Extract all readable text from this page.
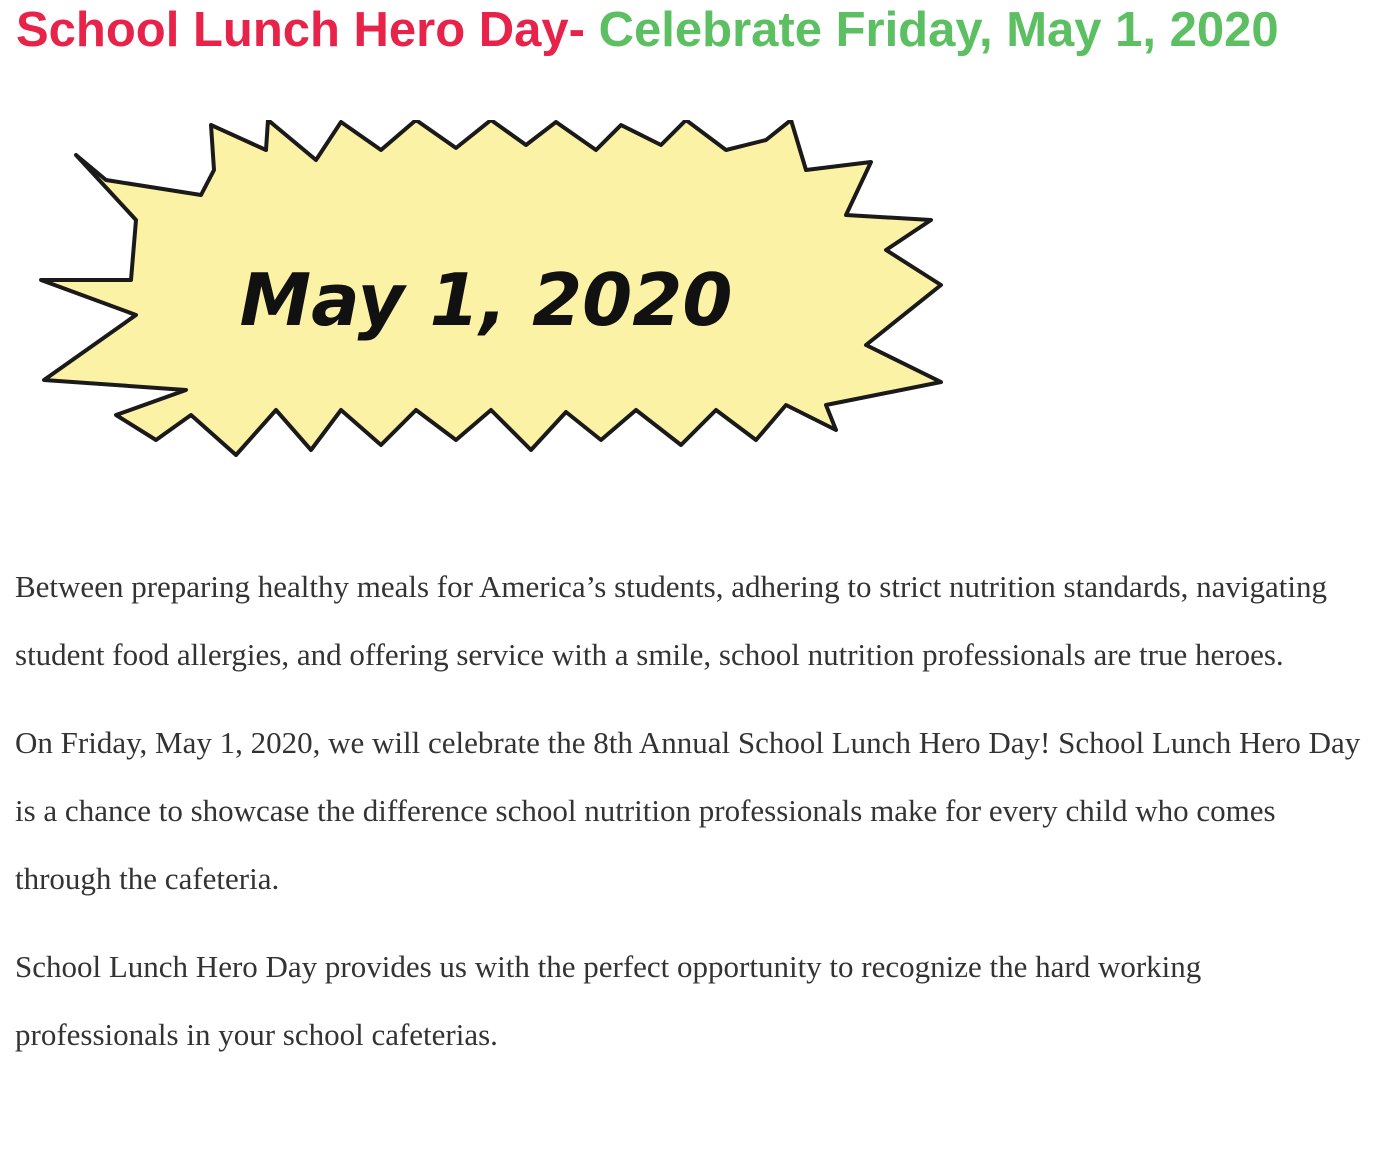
School Lunch Hero Day- Celebrate Friday, May 1, 2020
May 1, 2020

Between preparing healthy meals for America’s students, adhering to strict nutrition standards, navigating student food allergies, and offering service with a smile, school nutrition professionals are true heroes.

On Friday, May 1, 2020, we will celebrate the 8th Annual School Lunch Hero Day! School Lunch Hero Day is a chance to showcase the difference school nutrition professionals make for every child who comes through the cafeteria.

School Lunch Hero Day provides us with the perfect opportunity to recognize the hard working professionals in your school cafeterias.
